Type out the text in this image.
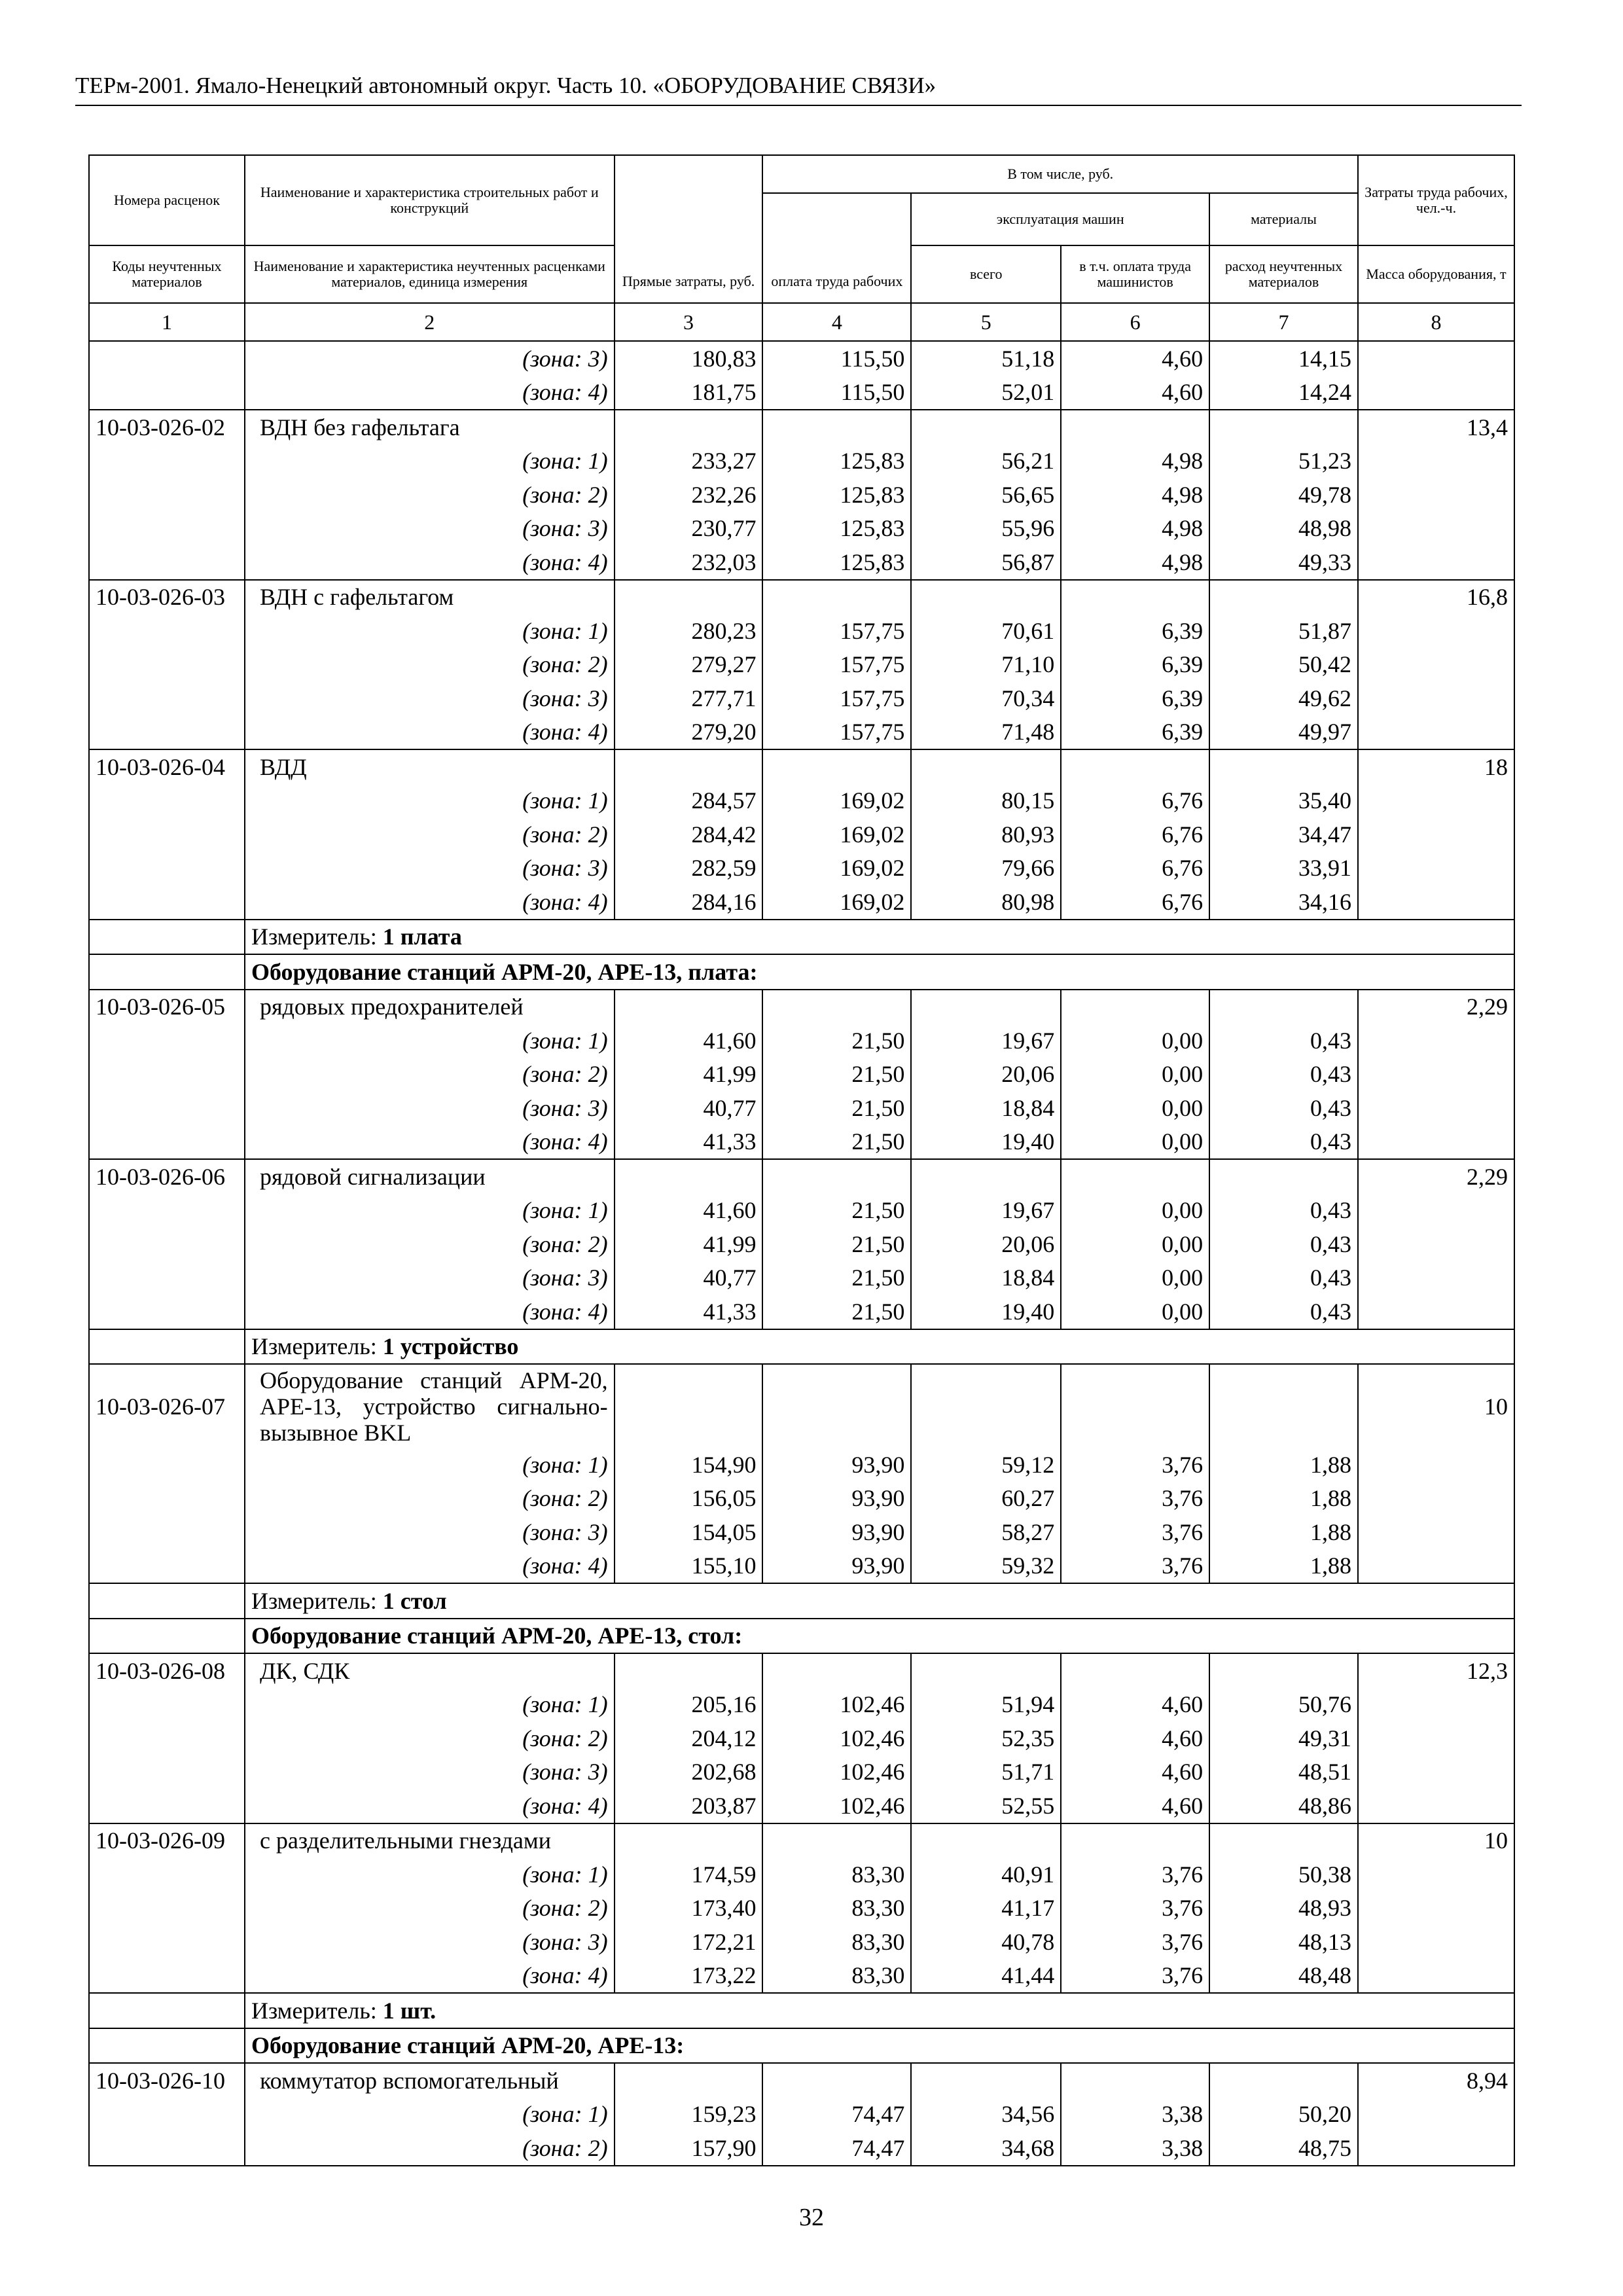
ТЕРм-2001. Ямало-Ненецкий автономный округ. Часть 10. «ОБОРУДОВАНИЕ СВЯЗИ»
Номера расценок	Наименование и характеристика строительных работ и конструкций	Прямые затраты, руб.	В том числе, руб.				Затраты труда рабочих, чел.-ч.
			оплата труда рабочих	эксплуатация машин		материалы	
Коды неучтенных материалов	Наименование и характеристика неучтенных расценками материалов, единица измерения			всего	в т.ч. оплата труда машинистов	расход неучтенных материалов	Масса оборудования, т

1	2	3	4	5	6	7	8
	(зона: 3)	180,83	115,50	51,18	4,60	14,15	
	(зона: 4)	181,75	115,50	52,01	4,60	14,24	
10-03-026-02	ВДН без гафельтага						13,4
	(зона: 1)	233,27	125,83	56,21	4,98	51,23	
	(зона: 2)	232,26	125,83	56,65	4,98	49,78	
	(зона: 3)	230,77	125,83	55,96	4,98	48,98	
	(зона: 4)	232,03	125,83	56,87	4,98	49,33	
10-03-026-03	ВДН с гафельтагом						16,8
	(зона: 1)	280,23	157,75	70,61	6,39	51,87	
	(зона: 2)	279,27	157,75	71,10	6,39	50,42	
	(зона: 3)	277,71	157,75	70,34	6,39	49,62	
	(зона: 4)	279,20	157,75	71,48	6,39	49,97	
10-03-026-04	ВДД						18
	(зона: 1)	284,57	169,02	80,15	6,76	35,40	
	(зона: 2)	284,42	169,02	80,93	6,76	34,47	
	(зона: 3)	282,59	169,02	79,66	6,76	33,91	
	(зона: 4)	284,16	169,02	80,98	6,76	34,16	
	Измеритель: 1 плата						
	Оборудование станций АРМ-20, АРЕ-13, плата:						
10-03-026-05	рядовых предохранителей						2,29
	(зона: 1)	41,60	21,50	19,67	0,00	0,43	
	(зона: 2)	41,99	21,50	20,06	0,00	0,43	
	(зона: 3)	40,77	21,50	18,84	0,00	0,43	
	(зона: 4)	41,33	21,50	19,40	0,00	0,43	
10-03-026-06	рядовой сигнализации						2,29
	(зона: 1)	41,60	21,50	19,67	0,00	0,43	
	(зона: 2)	41,99	21,50	20,06	0,00	0,43	
	(зона: 3)	40,77	21,50	18,84	0,00	0,43	
	(зона: 4)	41,33	21,50	19,40	0,00	0,43	
	Измеритель: 1 устройство						
10-03-026-07	Оборудование станций АРМ-20, АРЕ-13, устройство сигнально-вызывное BKL						10
	(зона: 1)	154,90	93,90	59,12	3,76	1,88	
	(зона: 2)	156,05	93,90	60,27	3,76	1,88	
	(зона: 3)	154,05	93,90	58,27	3,76	1,88	
	(зона: 4)	155,10	93,90	59,32	3,76	1,88	
	Измеритель: 1 стол						
	Оборудование станций АРМ-20, АРЕ-13, стол:						
10-03-026-08	ДК, СДК						12,3
	(зона: 1)	205,16	102,46	51,94	4,60	50,76	
	(зона: 2)	204,12	102,46	52,35	4,60	49,31	
	(зона: 3)	202,68	102,46	51,71	4,60	48,51	
	(зона: 4)	203,87	102,46	52,55	4,60	48,86	
10-03-026-09	с разделительными гнездами						10
	(зона: 1)	174,59	83,30	40,91	3,76	50,38	
	(зона: 2)	173,40	83,30	41,17	3,76	48,93	
	(зона: 3)	172,21	83,30	40,78	3,76	48,13	
	(зона: 4)	173,22	83,30	41,44	3,76	48,48	
	Измеритель: 1 шт.						
	Оборудование станций АРМ-20, АРЕ-13:						
10-03-026-10	коммутатор вспомогательный						8,94
	(зона: 1)	159,23	74,47	34,56	3,38	50,20	
	(зона: 2)	157,90	74,47	34,68	3,38	48,75	
32
